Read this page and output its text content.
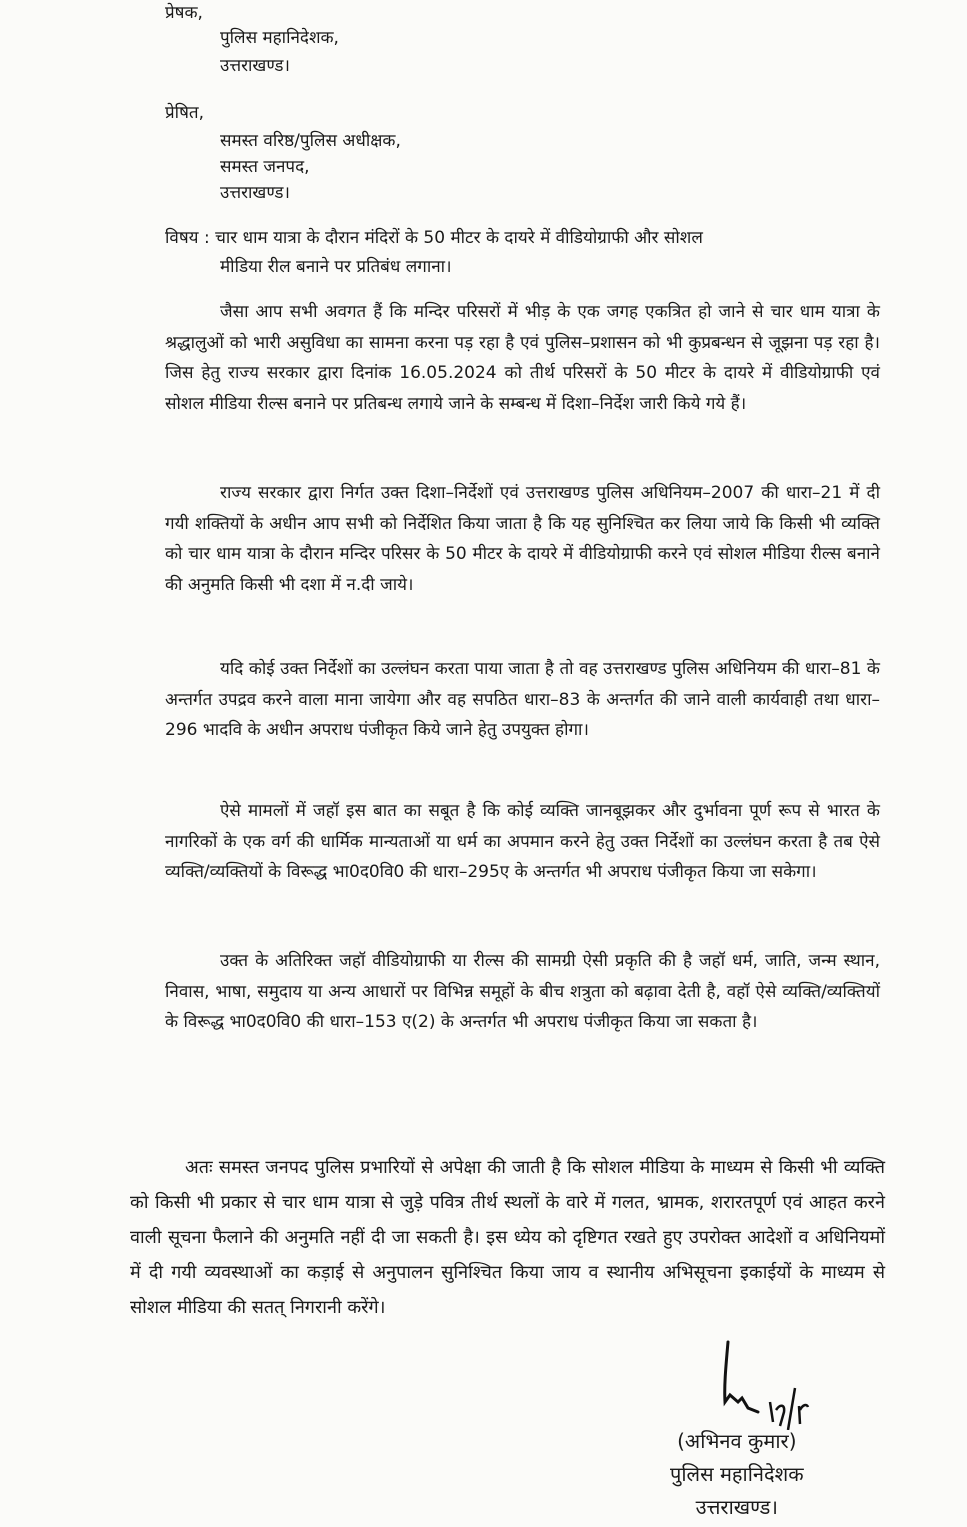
प्रेषक,
पुलिस महानिदेशक,
उत्तराखण्ड।
प्रेषित,
समस्त वरिष्ठ/पुलिस अधीक्षक,
समस्त जनपद,
उत्तराखण्ड।
विषय : चार धाम यात्रा के दौरान मंदिरों के 50 मीटर के दायरे में वीडियोग्राफी और सोशल
मीडिया रील बनाने पर प्रतिबंध लगाना।
जैसा आप सभी अवगत हैं कि मन्दिर परिसरों में भीड़ के एक जगह एकत्रित हो जाने से चार धाम यात्रा के श्रद्धालुओं को भारी असुविधा का सामना करना पड़ रहा है एवं पुलिस–प्रशासन को भी कुप्रबन्धन से जूझना पड़ रहा है। जिस हेतु राज्य सरकार द्वारा दिनांक 16.05.2024 को तीर्थ परिसरों के 50 मीटर के दायरे में वीडियोग्राफी एवं सोशल मीडिया रील्स बनाने पर प्रतिबन्ध लगाये जाने के सम्बन्ध में दिशा–निर्देश जारी किये गये हैं।
राज्य सरकार द्वारा निर्गत उक्त दिशा–निर्देशों एवं उत्तराखण्ड पुलिस अधिनियम–2007 की धारा–21 में दी गयी शक्तियों के अधीन आप सभी को निर्देशित किया जाता है कि यह सुनिश्चित कर लिया जाये कि किसी भी व्यक्ति को चार धाम यात्रा के दौरान मन्दिर परिसर के 50 मीटर के दायरे में वीडियोग्राफी करने एवं सोशल मीडिया रील्स बनाने की अनुमति किसी भी दशा में न.दी जाये।
यदि कोई उक्त निर्देशों का उल्लंघन करता पाया जाता है तो वह उत्तराखण्ड पुलिस अधिनियम की धारा–81 के अन्तर्गत उपद्रव करने वाला माना जायेगा और वह सपठित धारा–83 के अन्तर्गत की जाने वाली कार्यवाही तथा धारा–296 भादवि के अधीन अपराध पंजीकृत किये जाने हेतु उपयुक्त होगा।
ऐसे मामलों में जहॉ इस बात का सबूत है कि कोई व्यक्ति जानबूझकर और दुर्भावना पूर्ण रूप से भारत के नागरिकों के एक वर्ग की धार्मिक मान्यताओं या धर्म का अपमान करने हेतु उक्त निर्देशों का उल्लंघन करता है तब ऐसे व्यक्ति/व्यक्तियों के विरूद्ध भा0द0वि0 की धारा–295ए के अन्तर्गत भी अपराध पंजीकृत किया जा सकेगा।
उक्त के अतिरिक्त जहॉ वीडियोग्राफी या रील्स की सामग्री ऐसी प्रकृति की है जहॉ धर्म, जाति, जन्म स्थान, निवास, भाषा, समुदाय या अन्य आधारों पर विभिन्न समूहों के बीच शत्रुता को बढ़ावा देती है, वहॉ ऐसे व्यक्ति/व्यक्तियों के विरूद्ध भा0द0वि0 की धारा–153 ए(2) के अन्तर्गत भी अपराध पंजीकृत किया जा सकता है।
अतः समस्त जनपद पुलिस प्रभारियों से अपेक्षा की जाती है कि सोशल मीडिया के माध्यम से किसी भी व्यक्ति को किसी भी प्रकार से चार धाम यात्रा से जुड़े पवित्र तीर्थ स्थलों के वारे में गलत, भ्रामक, शरारतपूर्ण एवं आहत करने वाली सूचना फैलाने की अनुमति नहीं दी जा सकती है। इस ध्येय को दृष्टिगत रखते हुए उपरोक्त आदेशों व अधिनियमों में दी गयी व्यवस्थाओं का कड़ाई से अनुपालन सुनिश्चित किया जाय व स्थानीय अभिसूचना इकाईयों के माध्यम से सोशल मीडिया की सतत् निगरानी करेंगे।
(अभिनव कुमार)
पुलिस महानिदेशक
उत्तराखण्ड।
